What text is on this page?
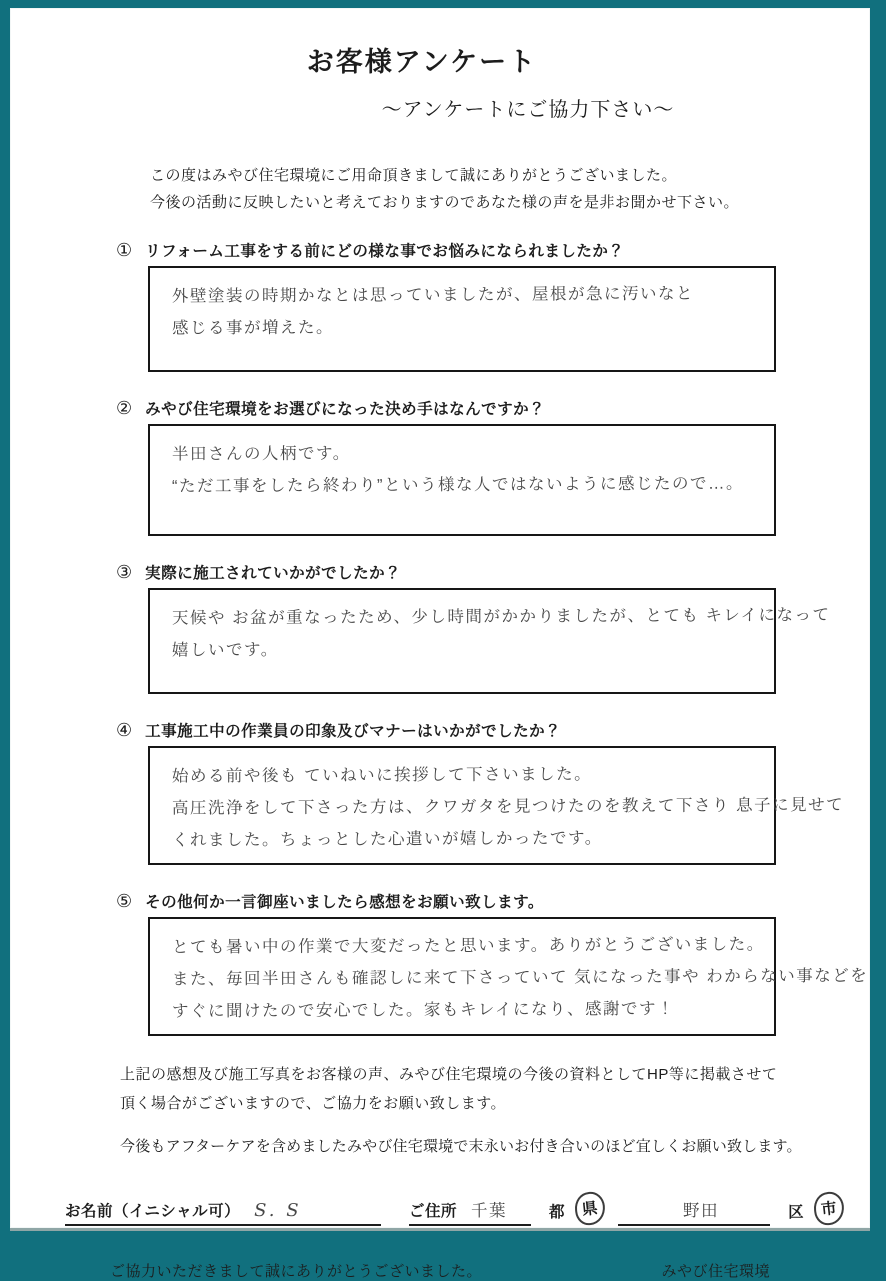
お客様アンケート
～アンケートにご協力下さい～
この度はみやび住宅環境にご用命頂きまして誠にありがとうございました。
今後の活動に反映したいと考えておりますのであなた様の声を是非お聞かせ下さい。
① リフォーム工事をする前にどの様な事でお悩みになられましたか？
外壁塗装の時期かなとは思っていましたが、屋根が急に汚いなと
感じる事が増えた。
② みやび住宅環境をお選びになった決め手はなんですか？
半田さんの人柄です。
“ただ工事をしたら終わり”という様な人ではないように感じたので…。
③ 実際に施工されていかがでしたか？
天候や お盆が重なったため、少し時間がかかりましたが、とても キレイになって
嬉しいです。
④ 工事施工中の作業員の印象及びマナーはいかがでしたか？
始める前や後も ていねいに挨拶して下さいました。
高圧洗浄をして下さった方は、クワガタを見つけたのを教えて下さり 息子に見せて
くれました。ちょっとした心遣いが嬉しかったです。
⑤ その他何か一言御座いましたら感想をお願い致します。
とても暑い中の作業で大変だったと思います。ありがとうございました。
また、毎回半田さんも確認しに来て下さっていて 気になった事や わからない事などを
すぐに聞けたので安心でした。家もキレイになり、感謝です！
上記の感想及び施工写真をお客様の声、みやび住宅環境の今後の資料としてHP等に掲載させて頂く場合がございますので、ご協力をお願い致します。
今後もアフターケアを含めましたみやび住宅環境で末永いお付き合いのほど宜しくお願い致します。
お名前（イニシャル可） S. S	ご住所 千葉	都	県	野田	区	市
ご協力いただきまして誠にありがとうございました。	みやび住宅環境
